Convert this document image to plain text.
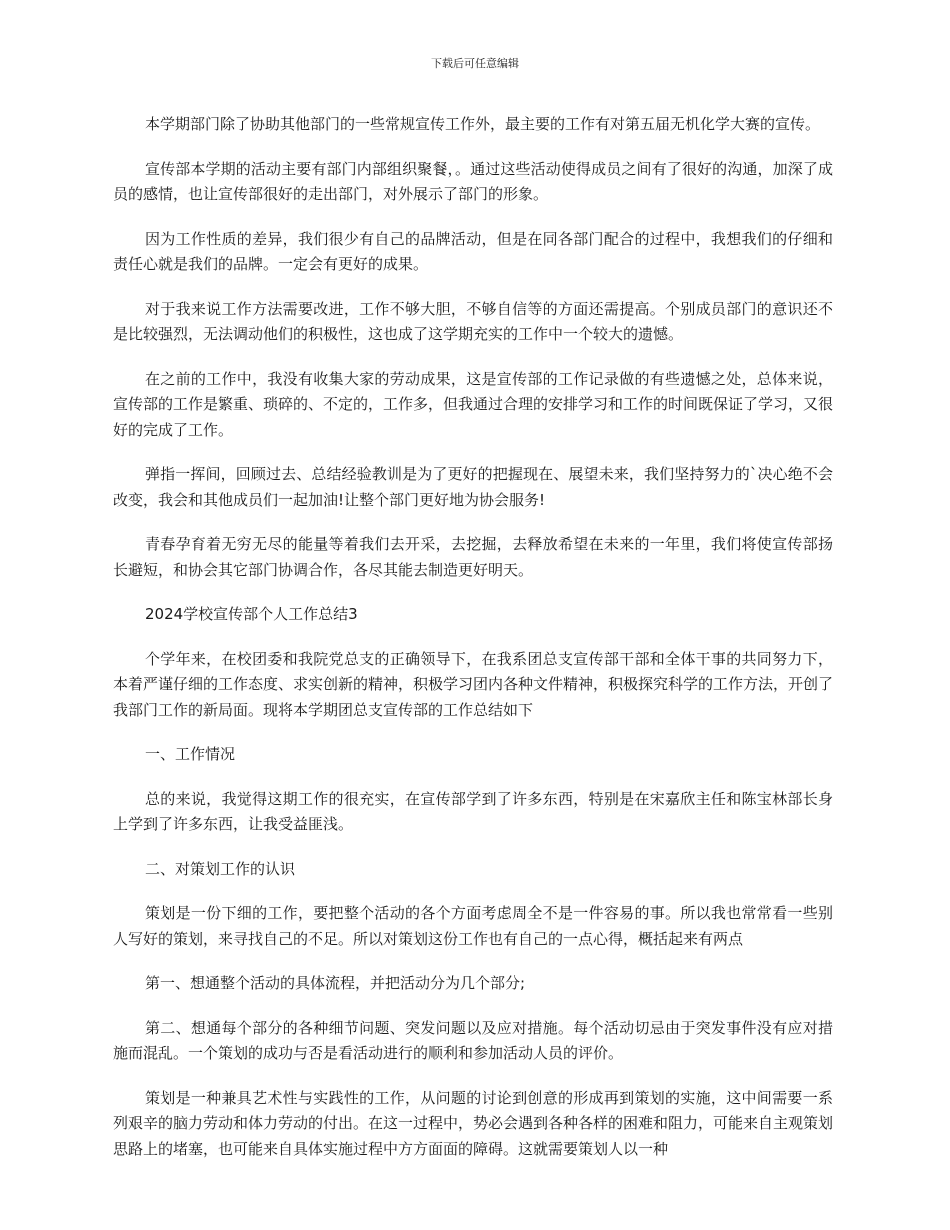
下载后可任意编辑

本学期部门除了协助其他部门的一些常规宣传工作外，最主要的工作有对第五届无机化学大赛的宣传。

宣传部本学期的活动主要有部门内部组织聚餐，。通过这些活动使得成员之间有了很好的沟通，加深了成员的感情，也让宣传部很好的走出部门，对外展示了部门的形象。

因为工作性质的差异，我们很少有自己的品牌活动，但是在同各部门配合的过程中，我想我们的仔细和责任心就是我们的品牌。一定会有更好的成果。

对于我来说工作方法需要改进，工作不够大胆，不够自信等的方面还需提高。个别成员部门的意识还不是比较强烈，无法调动他们的积极性，这也成了这学期充实的工作中一个较大的遗憾。

在之前的工作中，我没有收集大家的劳动成果，这是宣传部的工作记录做的有些遗憾之处，总体来说，宣传部的工作是繁重、琐碎的、不定的，工作多，但我通过合理的安排学习和工作的时间既保证了学习，又很好的完成了工作。

弹指一挥间，回顾过去、总结经验教训是为了更好的把握现在、展望未来，我们坚持努力的`决心绝不会改变，我会和其他成员们一起加油!让整个部门更好地为协会服务!

青春孕育着无穷无尽的能量等着我们去开采，去挖掘，去释放希望在未来的一年里，我们将使宣传部扬长避短，和协会其它部门协调合作，各尽其能去制造更好明天。

2024学校宣传部个人工作总结3

个学年来，在校团委和我院党总支的正确领导下，在我系团总支宣传部干部和全体干事的共同努力下，本着严谨仔细的工作态度、求实创新的精神，积极学习团内各种文件精神，积极探究科学的工作方法，开创了我部门工作的新局面。现将本学期团总支宣传部的工作总结如下

一、工作情况

总的来说，我觉得这期工作的很充实，在宣传部学到了许多东西，特别是在宋嘉欣主任和陈宝林部长身上学到了许多东西，让我受益匪浅。

二、对策划工作的认识

策划是一份下细的工作，要把整个活动的各个方面考虑周全不是一件容易的事。所以我也常常看一些别人写好的策划，来寻找自己的不足。所以对策划这份工作也有自己的一点心得，概括起来有两点

第一、想通整个活动的具体流程，并把活动分为几个部分;

第二、想通每个部分的各种细节问题、突发问题以及应对措施。每个活动切忌由于突发事件没有应对措施而混乱。一个策划的成功与否是看活动进行的顺利和参加活动人员的评价。

策划是一种兼具艺术性与实践性的工作，从问题的讨论到创意的形成再到策划的实施，这中间需要一系列艰辛的脑力劳动和体力劳动的付出。在这一过程中，势必会遇到各种各样的困难和阻力，可能来自主观策划思路上的堵塞，也可能来自具体实施过程中方方面面的障碍。这就需要策划人以一种
